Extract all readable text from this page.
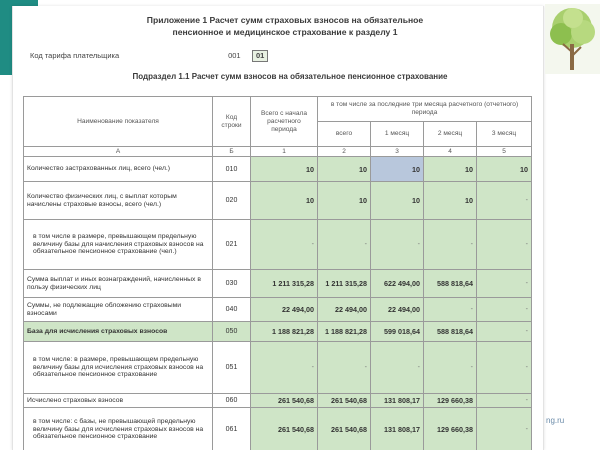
Приложение 1 Расчет сумм страховых взносов на обязательное
пенсионное и медицинское страхование к разделу 1
Код тарифа плательщика	001 01
Подраздел 1.1 Расчет сумм взносов на обязательное пенсионное страхование
Наименование показателя	Код строки	Всего с начала расчетного периода	в том числе за последние три месяца расчетного (отчетного) периода			
			всего	1 месяц	2 месяц	3 месяц
А	Б	1	2	3	4	5
Количество застрахованных лиц, всего (чел.)	010	10	10	10	10	10
Количество физических лиц, с выплат которым начислены страховые взносы, всего (чел.)	020	10	10	10	10	-
в том числе в размере, превышающем предельную величину базы для начисления страховых взносов на обязательное пенсионное страхование (чел.)	021	-	-	-	-	-
Сумма выплат и иных вознаграждений, начисленных в пользу физических лиц	030	1 211 315,28	1 211 315,28	622 494,00	588 818,64	-
Суммы, не подлежащие обложению страховыми взносами	040	22 494,00	22 494,00	22 494,00	-	-
База для исчисления страховых взносов	050	1 188 821,28	1 188 821,28	599 018,64	588 818,64	-
в том числе: в размере, превышающем предельную величину базы для исчисления страховых взносов на обязательное пенсионное страхование	051	-	-	-	-	-
Исчислено страховых взносов	060	261 540,68	261 540,68	131 808,17	129 660,38	-
в том числе: с базы, не превышающей предельную величину базы для исчисления страховых взносов на обязательное пенсионное страхование	061	261 540,68	261 540,68	131 808,17	129 660,38	-
ng.ru
